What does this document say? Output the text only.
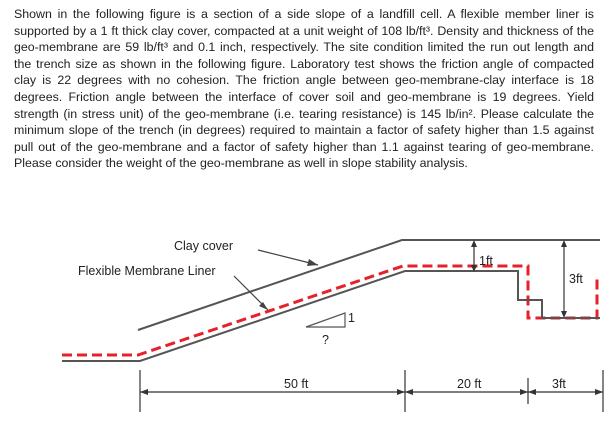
Shown in the following figure is a section of a side slope of a landfill cell. A flexible member liner is supported by a 1 ft thick clay cover, compacted at a unit weight of 108 lb/ft³. Density and thickness of the geo-membrane are 59 lb/ft³ and 0.1 inch, respectively. The site condition limited the run out length and the trench size as shown in the following figure. Laboratory test shows the friction angle of compacted clay is 22 degrees with no cohesion. The friction angle between geo-membrane-clay interface is 18 degrees. Friction angle between the interface of cover soil and geo-membrane is 19 degrees. Yield strength (in stress unit) of the geo-membrane (i.e. tearing resistance) is 145 lb/in². Please calculate the minimum slope of the trench (in degrees) required to maintain a factor of safety higher than 1.5 against pull out of the geo-membrane and a factor of safety higher than 1.1 against tearing of geo-membrane. Please consider the weight of the geo-membrane as well in slope stability analysis.

Clay cover
Flexible Membrane Liner
1ft
3ft
1
?
50 ft	20 ft	3ft
